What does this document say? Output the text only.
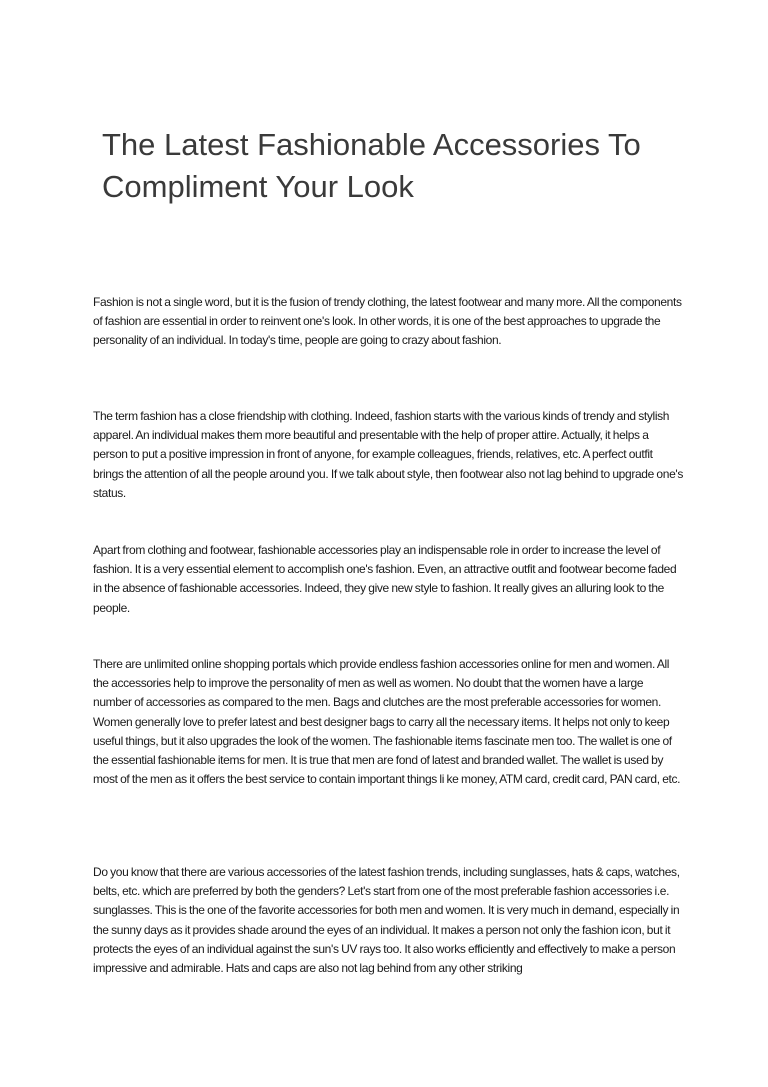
The Latest Fashionable Accessories To Compliment Your Look

Fashion is not a single word, but it is the fusion of trendy clothing, the latest footwear and many more. All the components of fashion are essential in order to reinvent one's look. In other words, it is one of the best approaches to upgrade the personality of an individual. In today's time, people are going to crazy about fashion.

The term fashion has a close friendship with clothing. Indeed, fashion starts with the various kinds of trendy and stylish apparel. An individual makes them more beautiful and presentable with the help of proper attire. Actually, it helps a person to put a positive impression in front of anyone, for example colleagues, friends, relatives, etc. A perfect outfit brings the attention of all the people around you. If we talk about style, then footwear also not lag behind to upgrade one's status.

Apart from clothing and footwear, fashionable accessories play an indispensable role in order to increase the level of fashion. It is a very essential element to accomplish one's fashion. Even, an attractive outfit and footwear become faded in the absence of fashionable accessories. Indeed, they give new style to fashion. It really gives an alluring look to the people.

There are unlimited online shopping portals which provide endless fashion accessories online for men and women. All the accessories help to improve the personality of men as well as women. No doubt that the women have a large number of accessories as compared to the men. Bags and clutches are the most preferable accessories for women. Women generally love to prefer latest and best designer bags to carry all the necessary items. It helps not only to keep useful things, but it also upgrades the look of the women. The fashionable items fascinate men too. The wallet is one of the essential fashionable items for men. It is true that men are fond of latest and branded wallet. The wallet is used by most of the men as it offers the best service to contain important things li ke money, ATM card, credit card, PAN card, etc.

Do you know that there are various accessories of the latest fashion trends, including sunglasses, hats & caps, watches, belts, etc. which are preferred by both the genders? Let's start from one of the most preferable fashion accessories i.e. sunglasses. This is the one of the favorite accessories for both men and women. It is very much in demand, especially in the sunny days as it provides shade around the eyes of an individual. It makes a person not only the fashion icon, but it protects the eyes of an individual against the sun's UV rays too. It also works efficiently and effectively to make a person impressive and admirable. Hats and caps are also not lag behind from any other striking
